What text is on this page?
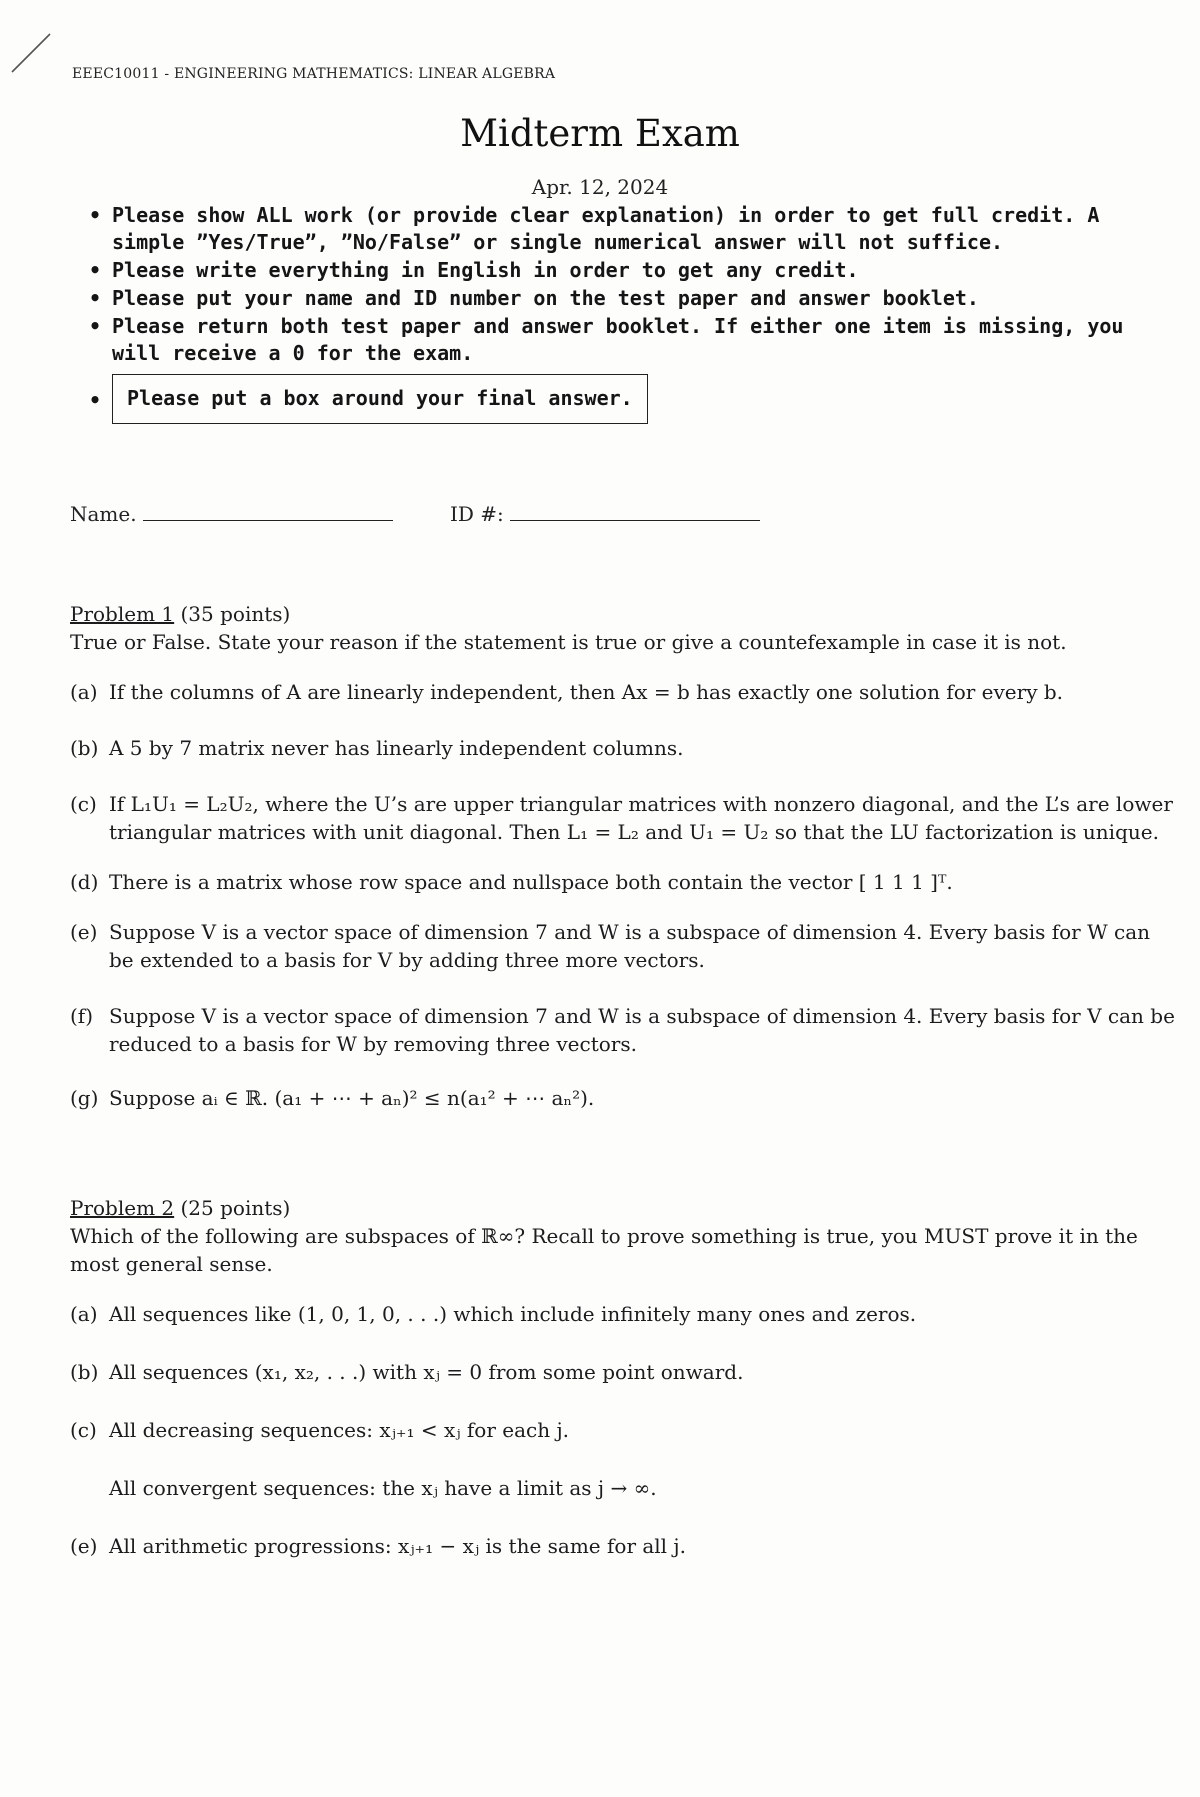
EEEC10011 - ENGINEERING MATHEMATICS: LINEAR ALGEBRA
Midterm Exam
Apr. 12, 2024
• Please show ALL work (or provide clear explanation) in order to get full credit. A simple ”Yes/True”, ”No/False” or single numerical answer will not suffice.
• Please write everything in English in order to get any credit.
• Please put your name and ID number on the test paper and answer booklet.
• Please return both test paper and answer booklet. If either one item is missing, you will receive a 0 for the exam.
• Please put a box around your final answer.
Name.	ID #:

Problem 1 (35 points)

True or False. State your reason if the statement is true or give a countefexample in case it is not.

(a) If the columns of A are linearly independent, then Ax = b has exactly one solution for every b.
(b) A 5 by 7 matrix never has linearly independent columns.
(c) If L₁U₁ = L₂U₂, where the U’s are upper triangular matrices with nonzero diagonal, and the L’s are lower triangular matrices with unit diagonal. Then L₁ = L₂ and U₁ = U₂ so that the LU factorization is unique.
(d) There is a matrix whose row space and nullspace both contain the vector [ 1 1 1 ]ᵀ.
(e) Suppose V is a vector space of dimension 7 and W is a subspace of dimension 4. Every basis for W can be extended to a basis for V by adding three more vectors.
(f) Suppose V is a vector space of dimension 7 and W is a subspace of dimension 4. Every basis for V can be reduced to a basis for W by removing three vectors.
(g) Suppose aᵢ ∈ ℝ. (a₁ + ⋯ + aₙ)² ≤ n(a₁² + ⋯ aₙ²).

Problem 2 (25 points)

Which of the following are subspaces of ℝ∞? Recall to prove something is true, you MUST prove it in the most general sense.

(a) All sequences like (1, 0, 1, 0, . . .) which include infinitely many ones and zeros.
(b) All sequences (x₁, x₂, . . .) with xⱼ = 0 from some point onward.
(c) All decreasing sequences: xⱼ₊₁ < xⱼ for each j.
All convergent sequences: the xⱼ have a limit as j → ∞.
(e) All arithmetic progressions: xⱼ₊₁ − xⱼ is the same for all j.
